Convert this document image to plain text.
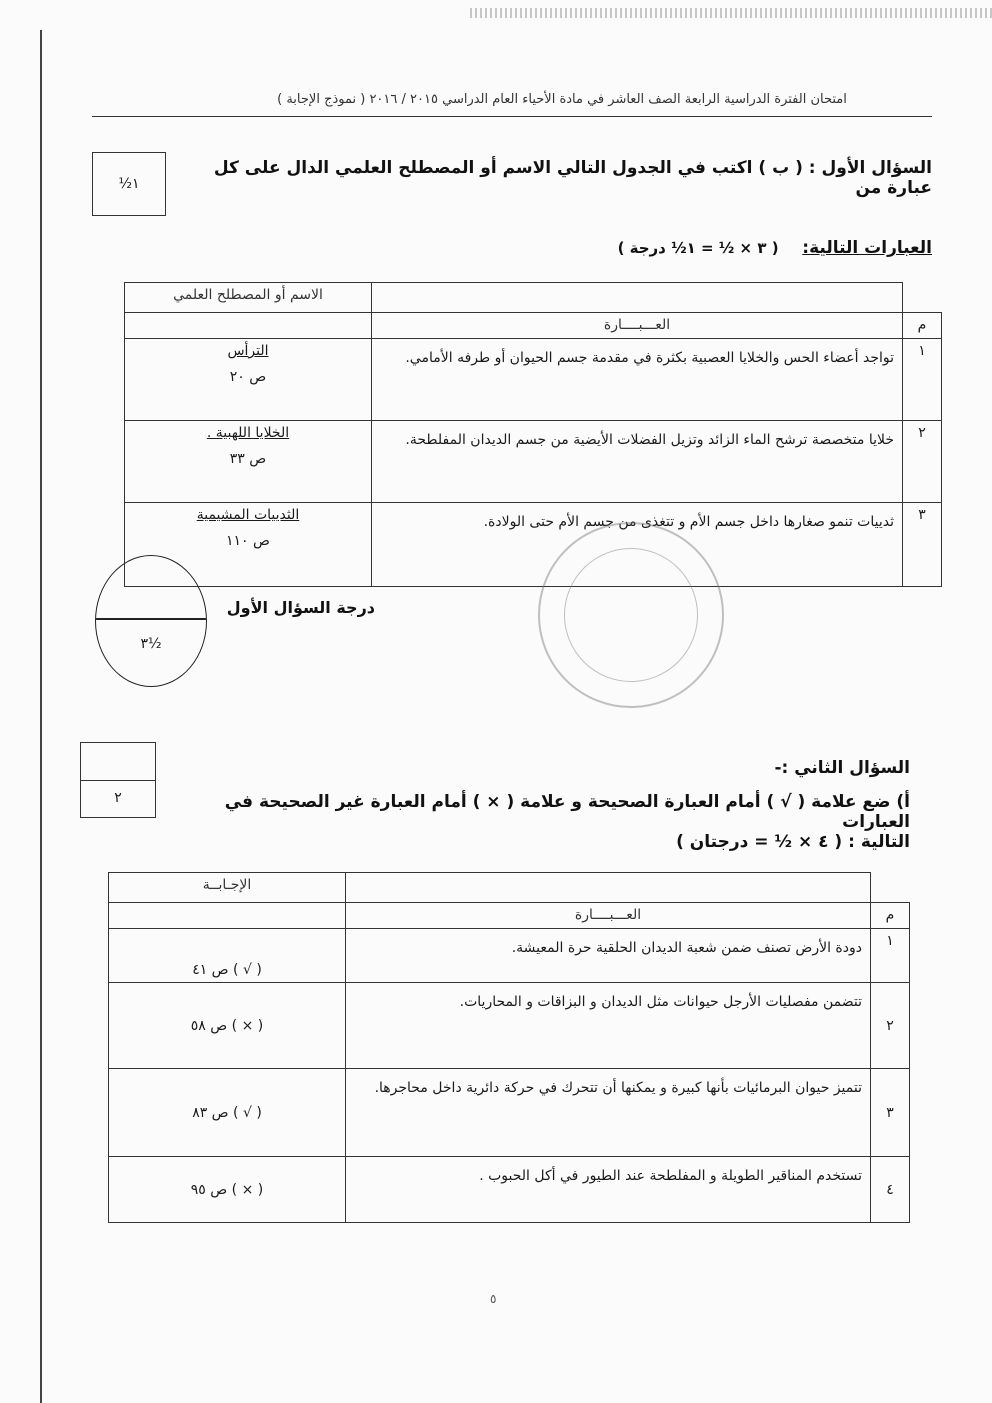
امتحان الفترة الدراسية الرابعة الصف العاشر في مادة الأحياء العام الدراسي ٢٠١٥ / ٢٠١٦ ( نموذج الإجابة )
١½
السؤال الأول : ( ب ) اكتب في الجدول التالي الاسم أو المصطلح العلمي الدال على كل عبارة من
العبارات التالية:    ( ٣ × ½ = ١½ درجة )
		الاسم أو المصطلح العلمي
م	العـــبــــارة	
١	تواجد أعضاء الحس والخلايا العصبية بكثرة في مقدمة جسم الحيوان أو طرفه الأمامي.	الترأس
ص ٢٠

٢	خلايا متخصصة ترشح الماء الزائد وتزيل الفضلات الأيضية من جسم الديدان المفلطحة.	الخلايا اللهبية .
ص ٣٣

٣	ثدييات تنمو صغارها داخل جسم الأم و تتغذى من جسم الأم حتى الولادة.	الثدييات المشيمية
ص ١١٠
٣½
درجة السؤال الأول
٢
السؤال الثاني :-
أ) ضع علامة ( √ ) أمام العبارة الصحيحة و علامة ( × ) أمام العبارة غير الصحيحة في العبارات
التالية : ( ٤ × ½ = درجتان )
		الإجـابــة
م	العـــبــــارة	
١	دودة الأرض تصنف ضمن شعبة الديدان الحلقية حرة المعيشة.	( √ ) ص ٤١
٢	تتضمن مفصليات الأرجل حيوانات مثل الديدان و البزاقات و المحاريات.	( × ) ص ٥٨
٣	تتميز حيوان البرمائيات بأنها كبيرة و يمكنها أن تتحرك في حركة دائرية داخل محاجرها.	( √ ) ص ٨٣
٤	تستخدم المناقير الطويلة و المفلطحة عند الطيور في أكل الحبوب .	( × ) ص ٩٥
٥
